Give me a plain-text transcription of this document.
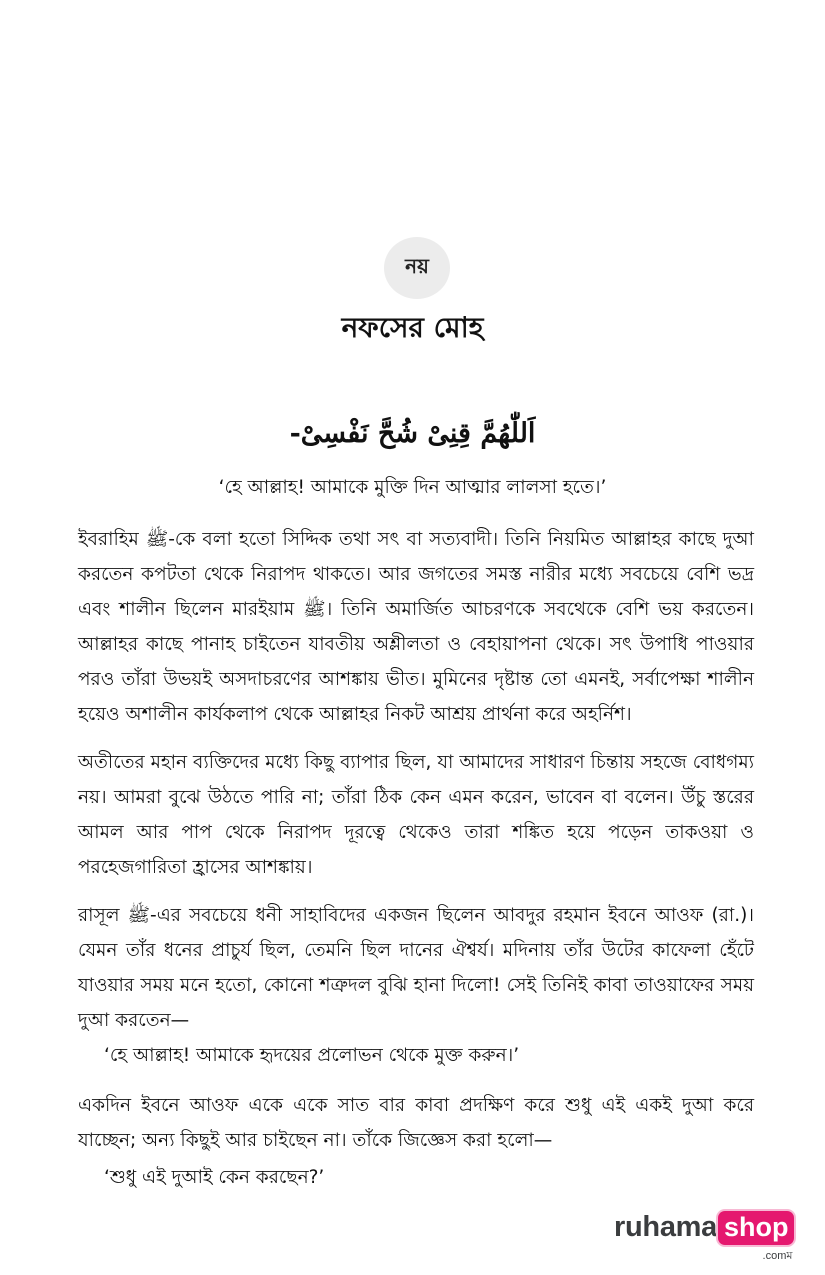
নয়
নফসের মোহ
اَللّٰهُمَّ قِنِىْ شُحَّ نَفْسِىْ-
‘হে আল্লাহ! আমাকে মুক্তি দিন আত্মার লালসা হতে।’

ইবরাহিম ﷺ-কে বলা হতো সিদ্দিক তথা সৎ বা সত্যবাদী। তিনি নিয়মিত আল্লাহর কাছে দুআ করতেন কপটতা থেকে নিরাপদ থাকতে। আর জগতের সমস্ত নারীর মধ্যে সবচেয়ে বেশি ভদ্র এবং শালীন ছিলেন মারইয়াম ﷺ। তিনি অমার্জিত আচরণকে সবথেকে বেশি ভয় করতেন। আল্লাহর কাছে পানাহ চাইতেন যাবতীয় অশ্লীলতা ও বেহায়াপনা থেকে। সৎ উপাধি পাওয়ার পরও তাঁরা উভয়ই অসদাচরণের আশঙ্কায় ভীত। মুমিনের দৃষ্টান্ত তো এমনই, সর্বাপেক্ষা শালীন হয়েও অশালীন কার্যকলাপ থেকে আল্লাহর নিকট আশ্রয় প্রার্থনা করে অহর্নিশ।

অতীতের মহান ব্যক্তিদের মধ্যে কিছু ব্যাপার ছিল, যা আমাদের সাধারণ চিন্তায় সহজে বোধগম্য নয়। আমরা বুঝে উঠতে পারি না; তাঁরা ঠিক কেন এমন করেন, ভাবেন বা বলেন। উঁচু স্তরের আমল আর পাপ থেকে নিরাপদ দূরত্বে থেকেও তারা শঙ্কিত হয়ে পড়েন তাকওয়া ও পরহেজগারিতা হ্রাসের আশঙ্কায়।

রাসূল ﷺ-এর সবচেয়ে ধনী সাহাবিদের একজন ছিলেন আবদুর রহমান ইবনে আওফ (রা.)। যেমন তাঁর ধনের প্রাচুর্য ছিল, তেমনি ছিল দানের ঐশ্বর্য। মদিনায় তাঁর উটের কাফেলা হেঁটে যাওয়ার সময় মনে হতো, কোনো শত্রুদল বুঝি হানা দিলো! সেই তিনিই কাবা তাওয়াফের সময় দুআ করতেন—

‘হে আল্লাহ! আমাকে হৃদয়ের প্রলোভন থেকে মুক্ত করুন।’

একদিন ইবনে আওফ একে একে সাত বার কাবা প্রদক্ষিণ করে শুধু এই একই দুআ করে যাচ্ছেন; অন্য কিছুই আর চাইছেন না। তাঁকে জিজ্ঞেস করা হলো—

‘শুধু এই দুআই কেন করছেন?’

ruhama shop
.comম
